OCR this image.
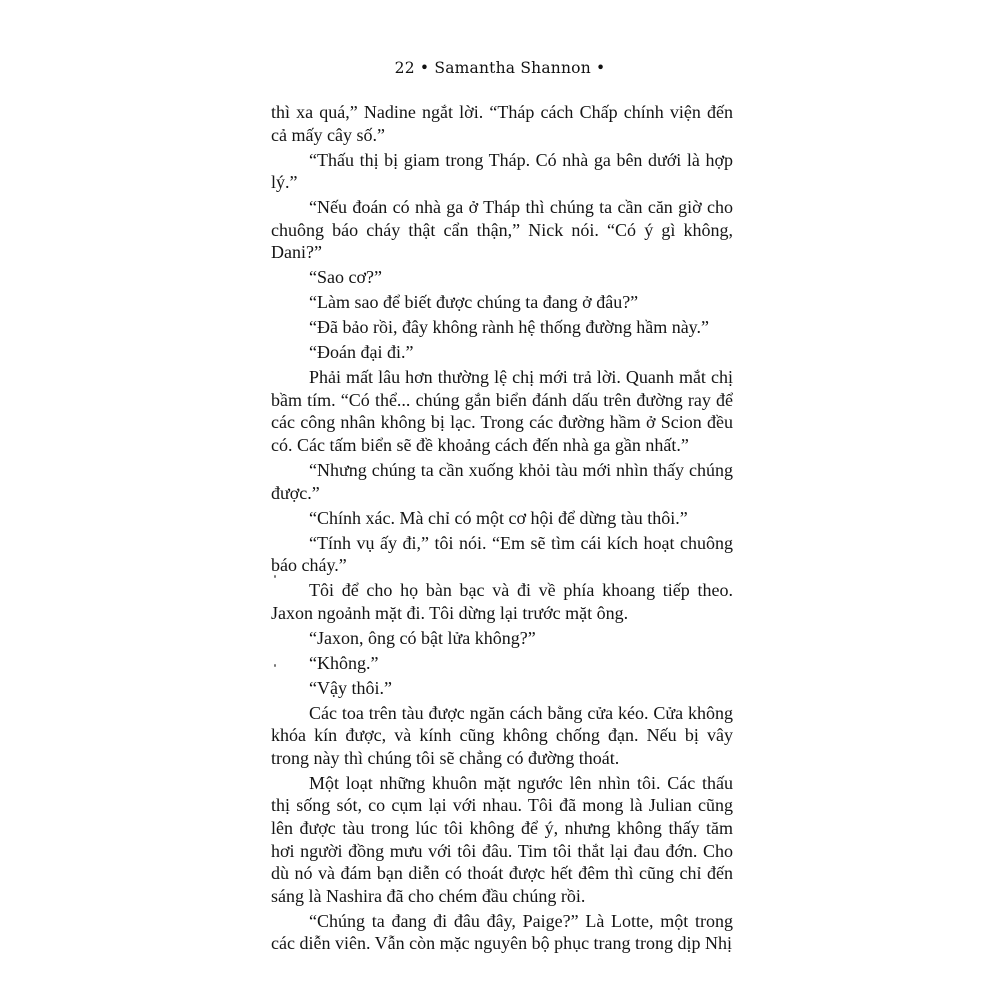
22 • Samantha Shannon •

thì xa quá,” Nadine ngắt lời. “Tháp cách Chấp chính viện đến cả mấy cây số.”

“Thấu thị bị giam trong Tháp. Có nhà ga bên dưới là hợp lý.”

“Nếu đoán có nhà ga ở Tháp thì chúng ta cần căn giờ cho chuông báo cháy thật cẩn thận,” Nick nói. “Có ý gì không, Dani?”

“Sao cơ?”

“Làm sao để biết được chúng ta đang ở đâu?”

“Đã bảo rồi, đây không rành hệ thống đường hầm này.”

“Đoán đại đi.”

Phải mất lâu hơn thường lệ chị mới trả lời. Quanh mắt chị bầm tím. “Có thể... chúng gắn biển đánh dấu trên đường ray để các công nhân không bị lạc. Trong các đường hầm ở Scion đều có. Các tấm biển sẽ đề khoảng cách đến nhà ga gần nhất.”

“Nhưng chúng ta cần xuống khỏi tàu mới nhìn thấy chúng được.”

“Chính xác. Mà chỉ có một cơ hội để dừng tàu thôi.”

“Tính vụ ấy đi,” tôi nói. “Em sẽ tìm cái kích hoạt chuông báo cháy.”

Tôi để cho họ bàn bạc và đi về phía khoang tiếp theo. Jaxon ngoảnh mặt đi. Tôi dừng lại trước mặt ông.

“Jaxon, ông có bật lửa không?”

“Không.”

“Vậy thôi.”

Các toa trên tàu được ngăn cách bằng cửa kéo. Cửa không khóa kín được, và kính cũng không chống đạn. Nếu bị vây trong này thì chúng tôi sẽ chẳng có đường thoát.

Một loạt những khuôn mặt ngước lên nhìn tôi. Các thấu thị sống sót, co cụm lại với nhau. Tôi đã mong là Julian cũng lên được tàu trong lúc tôi không để ý, nhưng không thấy tăm hơi người đồng mưu với tôi đâu. Tim tôi thắt lại đau đớn. Cho dù nó và đám bạn diễn có thoát được hết đêm thì cũng chỉ đến sáng là Nashira đã cho chém đầu chúng rồi.

“Chúng ta đang đi đâu đây, Paige?” Là Lotte, một trong các diễn viên. Vẫn còn mặc nguyên bộ phục trang trong dịp Nhị
